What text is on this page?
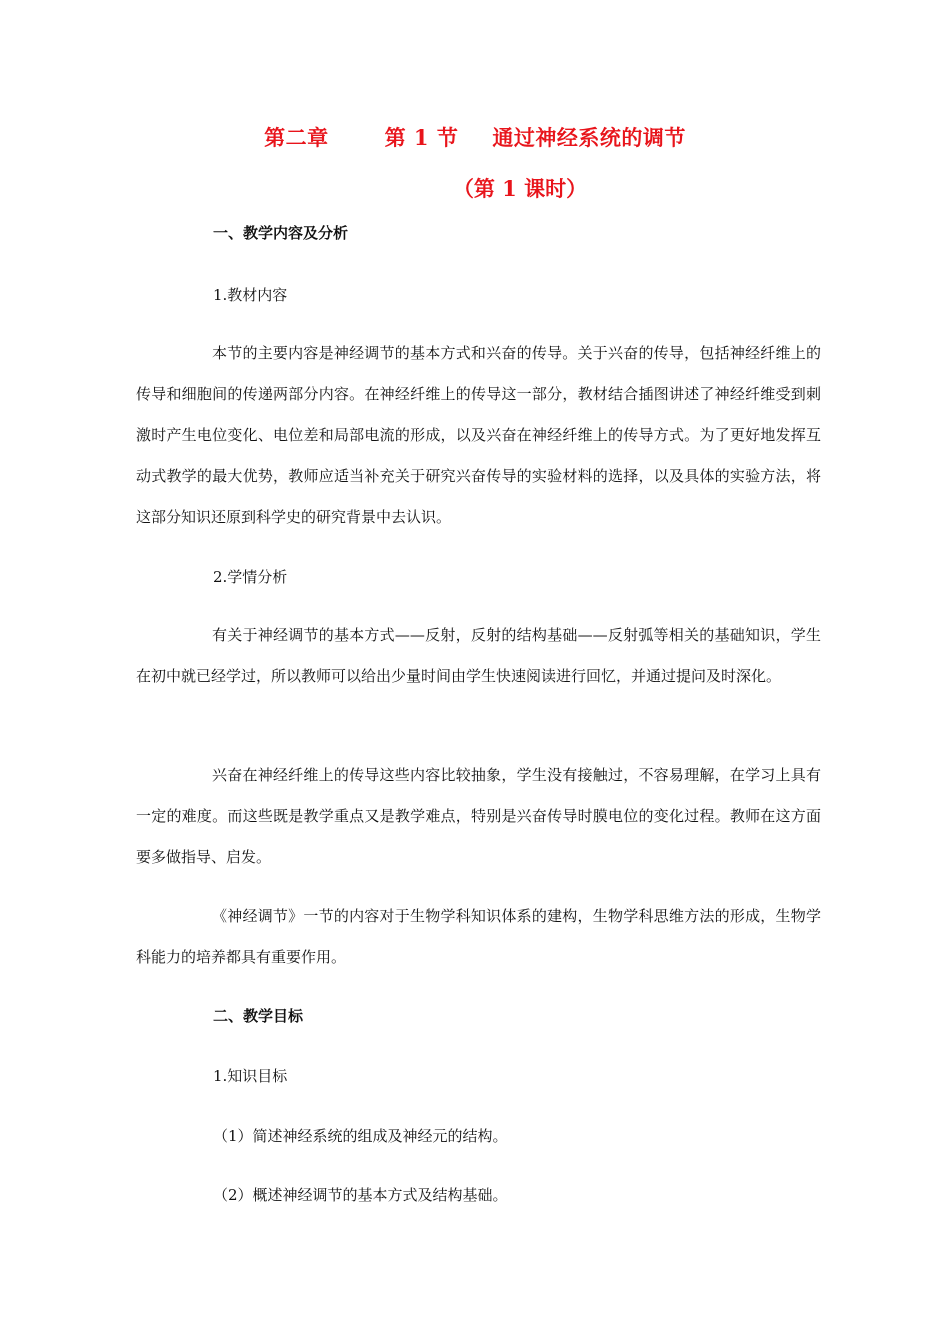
第二章	第 1 节 通过神经系统的调节
（第 1 课时）
一、教学内容及分析
1.教材内容
本节的主要内容是神经调节的基本方式和兴奋的传导。关于兴奋的传导，包括神经纤维上的传导和细胞间的传递两部分内容。在神经纤维上的传导这一部分，教材结合插图讲述了神经纤维受到刺激时产生电位变化、电位差和局部电流的形成，以及兴奋在神经纤维上的传导方式。为了更好地发挥互动式教学的最大优势，教师应适当补充关于研究兴奋传导的实验材料的选择，以及具体的实验方法，将这部分知识还原到科学史的研究背景中去认识。
2.学情分析
有关于神经调节的基本方式——反射，反射的结构基础——反射弧等相关的基础知识，学生在初中就已经学过，所以教师可以给出少量时间由学生快速阅读进行回忆，并通过提问及时深化。
兴奋在神经纤维上的传导这些内容比较抽象，学生没有接触过，不容易理解，在学习上具有一定的难度。而这些既是教学重点又是教学难点，特别是兴奋传导时膜电位的变化过程。教师在这方面要多做指导、启发。
《神经调节》一节的内容对于生物学科知识体系的建构，生物学科思维方法的形成，生物学科能力的培养都具有重要作用。
二、教学目标
1.知识目标
（1）简述神经系统的组成及神经元的结构。
（2）概述神经调节的基本方式及结构基础。
